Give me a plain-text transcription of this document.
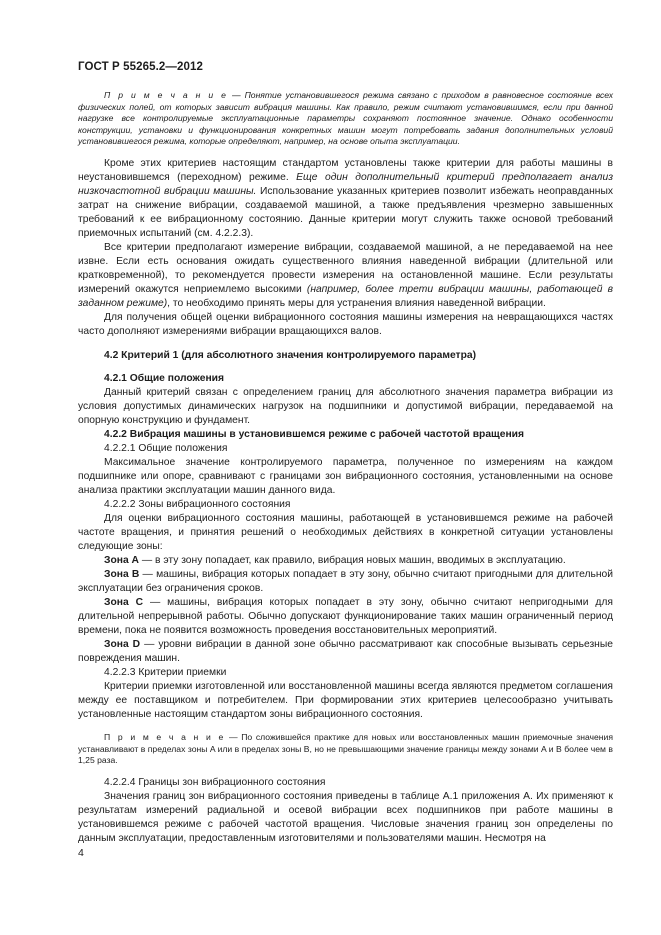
ГОСТ Р 55265.2—2012

П р и м е ч а н и е — Понятие установившегося режима связано с приходом в равновесное состояние всех физических полей, от которых зависит вибрация машины. Как правило, режим считают установившимся, если при данной нагрузке все контролируемые эксплуатационные параметры сохраняют постоянное значение. Однако особенности конструкции, установки и функционирования конкретных машин могут потребовать задания дополнительных условий установившегося режима, которые определяют, например, на основе опыта эксплуатации.

Кроме этих критериев настоящим стандартом установлены также критерии для работы машины в неустановившемся (переходном) режиме. Еще один дополнительный критерий предполагает анализ низкочастотной вибрации машины. Использование указанных критериев позволит избежать неоправданных затрат на снижение вибрации, создаваемой машиной, а также предъявления чрезмерно завышенных требований к ее вибрационному состоянию. Данные критерии могут служить также основой требований приемочных испытаний (см. 4.2.2.3).

Все критерии предполагают измерение вибрации, создаваемой машиной, а не передаваемой на нее извне. Если есть основания ожидать существенного влияния наведенной вибрации (длительной или кратковременной), то рекомендуется провести измерения на остановленной машине. Если результаты измерений окажутся неприемлемо высокими (например, более трети вибрации машины, работающей в заданном режиме), то необходимо принять меры для устранения влияния наведенной вибрации.

Для получения общей оценки вибрационного состояния машины измерения на невращающихся частях часто дополняют измерениями вибрации вращающихся валов.

4.2 Критерий 1 (для абсолютного значения контролируемого параметра)

4.2.1 Общие положения

Данный критерий связан с определением границ для абсолютного значения параметра вибрации из условия допустимых динамических нагрузок на подшипники и допустимой вибрации, передаваемой на опорную конструкцию и фундамент.

4.2.2 Вибрация машины в установившемся режиме с рабочей частотой вращения

4.2.2.1 Общие положения

Максимальное значение контролируемого параметра, полученное по измерениям на каждом подшипнике или опоре, сравнивают с границами зон вибрационного состояния, установленными на основе анализа практики эксплуатации машин данного вида.

4.2.2.2 Зоны вибрационного состояния

Для оценки вибрационного состояния машины, работающей в установившемся режиме на рабочей частоте вращения, и принятия решений о необходимых действиях в конкретной ситуации установлены следующие зоны:

Зона A — в эту зону попадает, как правило, вибрация новых машин, вводимых в эксплуатацию.

Зона B — машины, вибрация которых попадает в эту зону, обычно считают пригодными для длительной эксплуатации без ограничения сроков.

Зона C — машины, вибрация которых попадает в эту зону, обычно считают непригодными для длительной непрерывной работы. Обычно допускают функционирование таких машин ограниченный период времени, пока не появится возможность проведения восстановительных мероприятий.

Зона D — уровни вибрации в данной зоне обычно рассматривают как способные вызывать серьезные повреждения машин.

4.2.2.3 Критерии приемки

Критерии приемки изготовленной или восстановленной машины всегда являются предметом соглашения между ее поставщиком и потребителем. При формировании этих критериев целесообразно учитывать установленные настоящим стандартом зоны вибрационного состояния.

П р и м е ч а н и е — По сложившейся практике для новых или восстановленных машин приемочные значения устанавливают в пределах зоны A или в пределах зоны B, но не превышающими значение границы между зонами A и B более чем в 1,25 раза.

4.2.2.4 Границы зон вибрационного состояния

Значения границ зон вибрационного состояния приведены в таблице А.1 приложения А. Их применяют к результатам измерений радиальной и осевой вибрации всех подшипников при работе машины в установившемся режиме с рабочей частотой вращения. Числовые значения границ зон определены по данным эксплуатации, предоставленным изготовителями и пользователями машин. Несмотря на

4
